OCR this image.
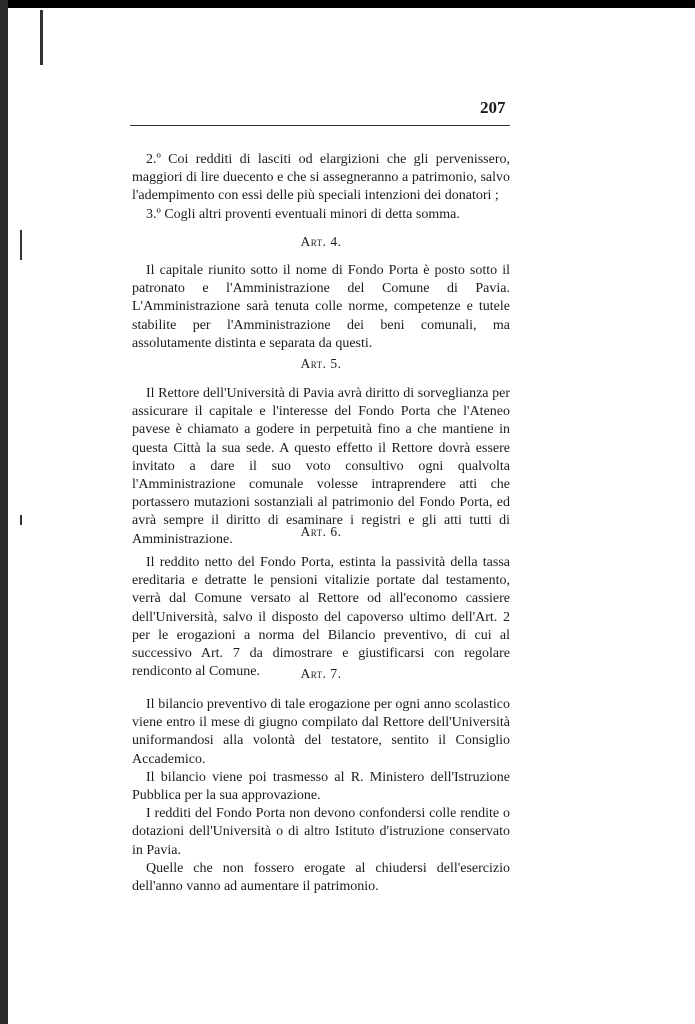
207

2.º Coi redditi di lasciti od elargizioni che gli pervenissero, maggiori di lire duecento e che si assegneranno a patrimonio, salvo l'adempimento con essi delle più speciali intenzioni dei donatori ;

3.º Cogli altri proventi eventuali minori di detta somma.

Art. 4.

Il capitale riunito sotto il nome di Fondo Porta è posto sotto il patronato e l'Amministrazione del Comune di Pavia. L'Amministrazione sarà tenuta colle norme, competenze e tutele stabilite per l'Amministrazione dei beni comunali, ma assolutamente distinta e separata da questi.

Art. 5.

Il Rettore dell'Università di Pavia avrà diritto di sorveglianza per assicurare il capitale e l'interesse del Fondo Porta che l'Ateneo pavese è chiamato a godere in perpetuità fino a che mantiene in questa Città la sua sede. A questo effetto il Rettore dovrà essere invitato a dare il suo voto consultivo ogni qualvolta l'Amministrazione comunale volesse intraprendere atti che portassero mutazioni sostanziali al patrimonio del Fondo Porta, ed avrà sempre il diritto di esaminare i registri e gli atti tutti di Amministrazione.

Art. 6.

Il reddito netto del Fondo Porta, estinta la passività della tassa ereditaria e detratte le pensioni vitalizie portate dal testamento, verrà dal Comune versato al Rettore od all'economo cassiere dell'Università, salvo il disposto del capoverso ultimo dell'Art. 2 per le erogazioni a norma del Bilancio preventivo, di cui al successivo Art. 7 da dimostrare e giustificarsi con regolare rendiconto al Comune.	Art. 7.

Il bilancio preventivo di tale erogazione per ogni anno scolastico viene entro il mese di giugno compilato dal Rettore dell'Università uniformandosi alla volontà del testatore, sentito il Consiglio Accademico.

Il bilancio viene poi trasmesso al R. Ministero dell'Istruzione Pubblica per la sua approvazione.

I redditi del Fondo Porta non devono confondersi colle rendite o dotazioni dell'Università o di altro Istituto d'istruzione conservato in Pavia.

Quelle che non fossero erogate al chiudersi dell'esercizio dell'anno vanno ad aumentare il patrimonio.
